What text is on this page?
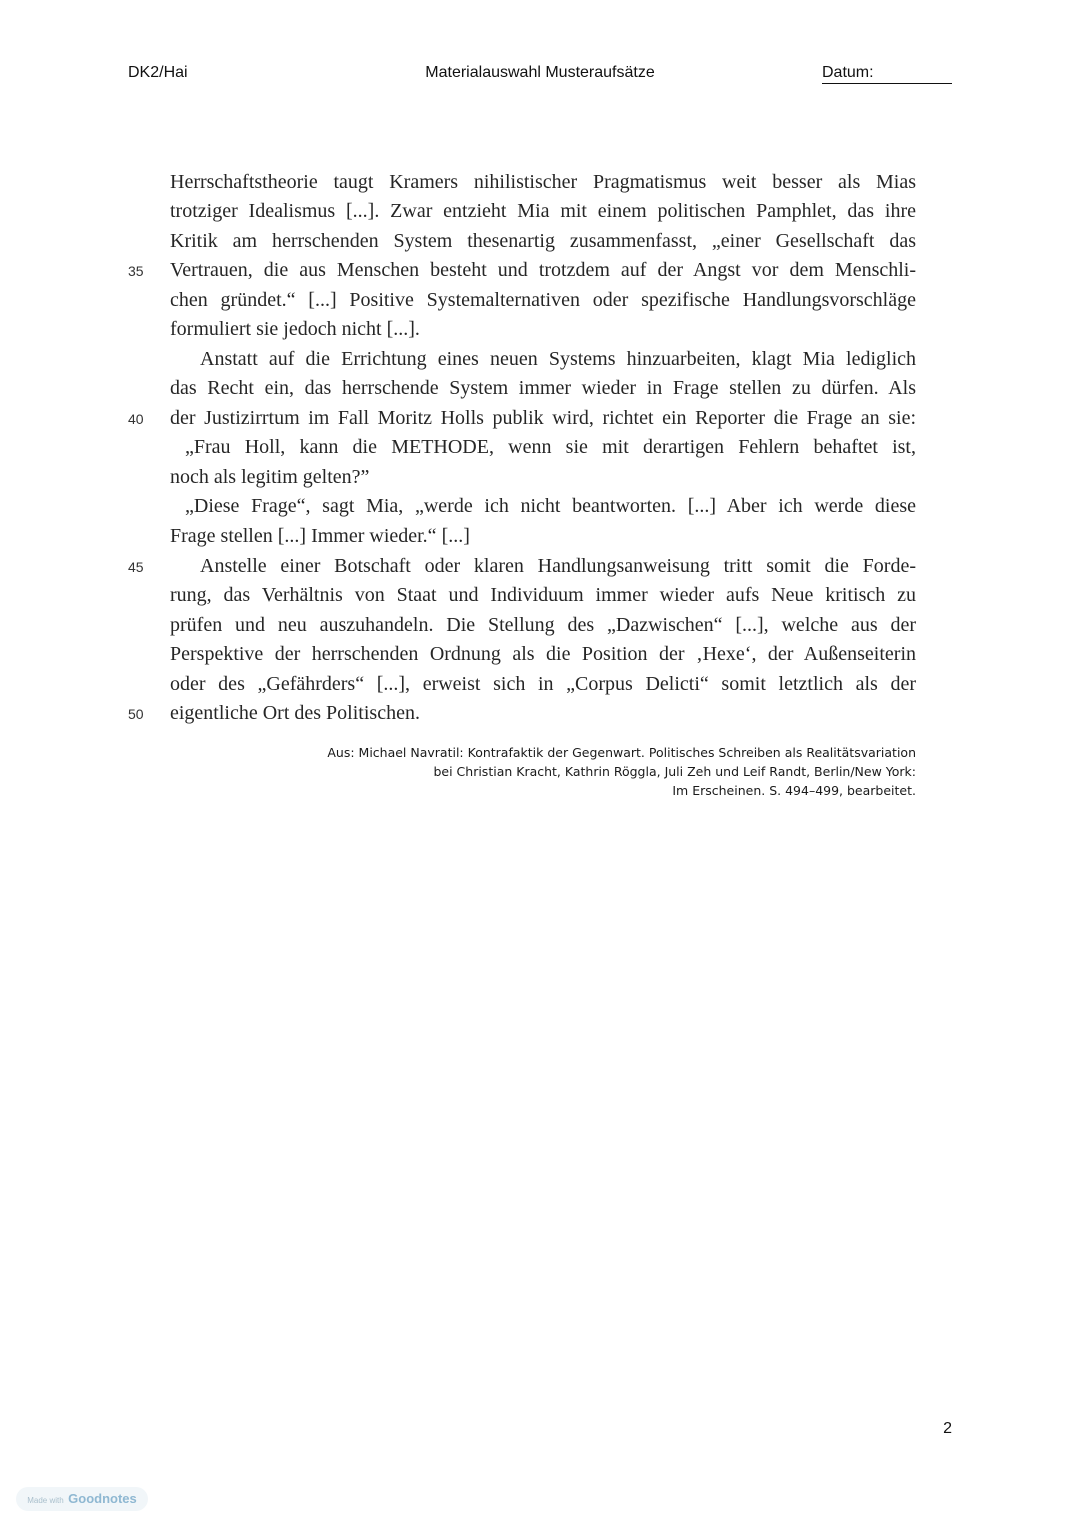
DK2/Hai	Materialauswahl Musteraufsätze	Datum:
Herrschaftstheorie taugt Kramers nihilistischer Pragmatismus weit besser als Mias
trotziger Idealismus [...]. Zwar entzieht Mia mit einem politischen Pamphlet, das ihre
Kritik am herrschenden System thesenartig zusammenfasst, „einer Gesellschaft das
Vertrauen, die aus Menschen besteht und trotzdem auf der Angst vor dem Menschli-
chen gründet.“ [...] Positive Systemalternativen oder spezifische Handlungsvorschläge
formuliert sie jedoch nicht [...].
Anstatt auf die Errichtung eines neuen Systems hinzuarbeiten, klagt Mia lediglich
das Recht ein, das herrschende System immer wieder in Frage stellen zu dürfen. Als
der Justizirrtum im Fall Moritz Holls publik wird, richtet ein Reporter die Frage an sie:
„Frau Holl, kann die METHODE, wenn sie mit derartigen Fehlern behaftet ist,
noch als legitim gelten?”
„Diese Frage“, sagt Mia, „werde ich nicht beantworten. [...] Aber ich werde diese
Frage stellen [...] Immer wieder.“ [...]
Anstelle einer Botschaft oder klaren Handlungsanweisung tritt somit die Forde-
rung, das Verhältnis von Staat und Individuum immer wieder aufs Neue kritisch zu
prüfen und neu auszuhandeln. Die Stellung des „Dazwischen“ [...], welche aus der
Perspektive der herrschenden Ordnung als die Position der ‚Hexe‘, der Außenseiterin
oder des „Gefährders“ [...], erweist sich in „Corpus Delicti“ somit letztlich als der
eigentliche Ort des Politischen.
35
40
45
50
Aus: Michael Navratil: Kontrafaktik der Gegenwart. Politisches Schreiben als Realitätsvariation
bei Christian Kracht, Kathrin Röggla, Juli Zeh und Leif Randt, Berlin/New York:
Im Erscheinen. S. 494–499, bearbeitet.
2
Made with Goodnotes
